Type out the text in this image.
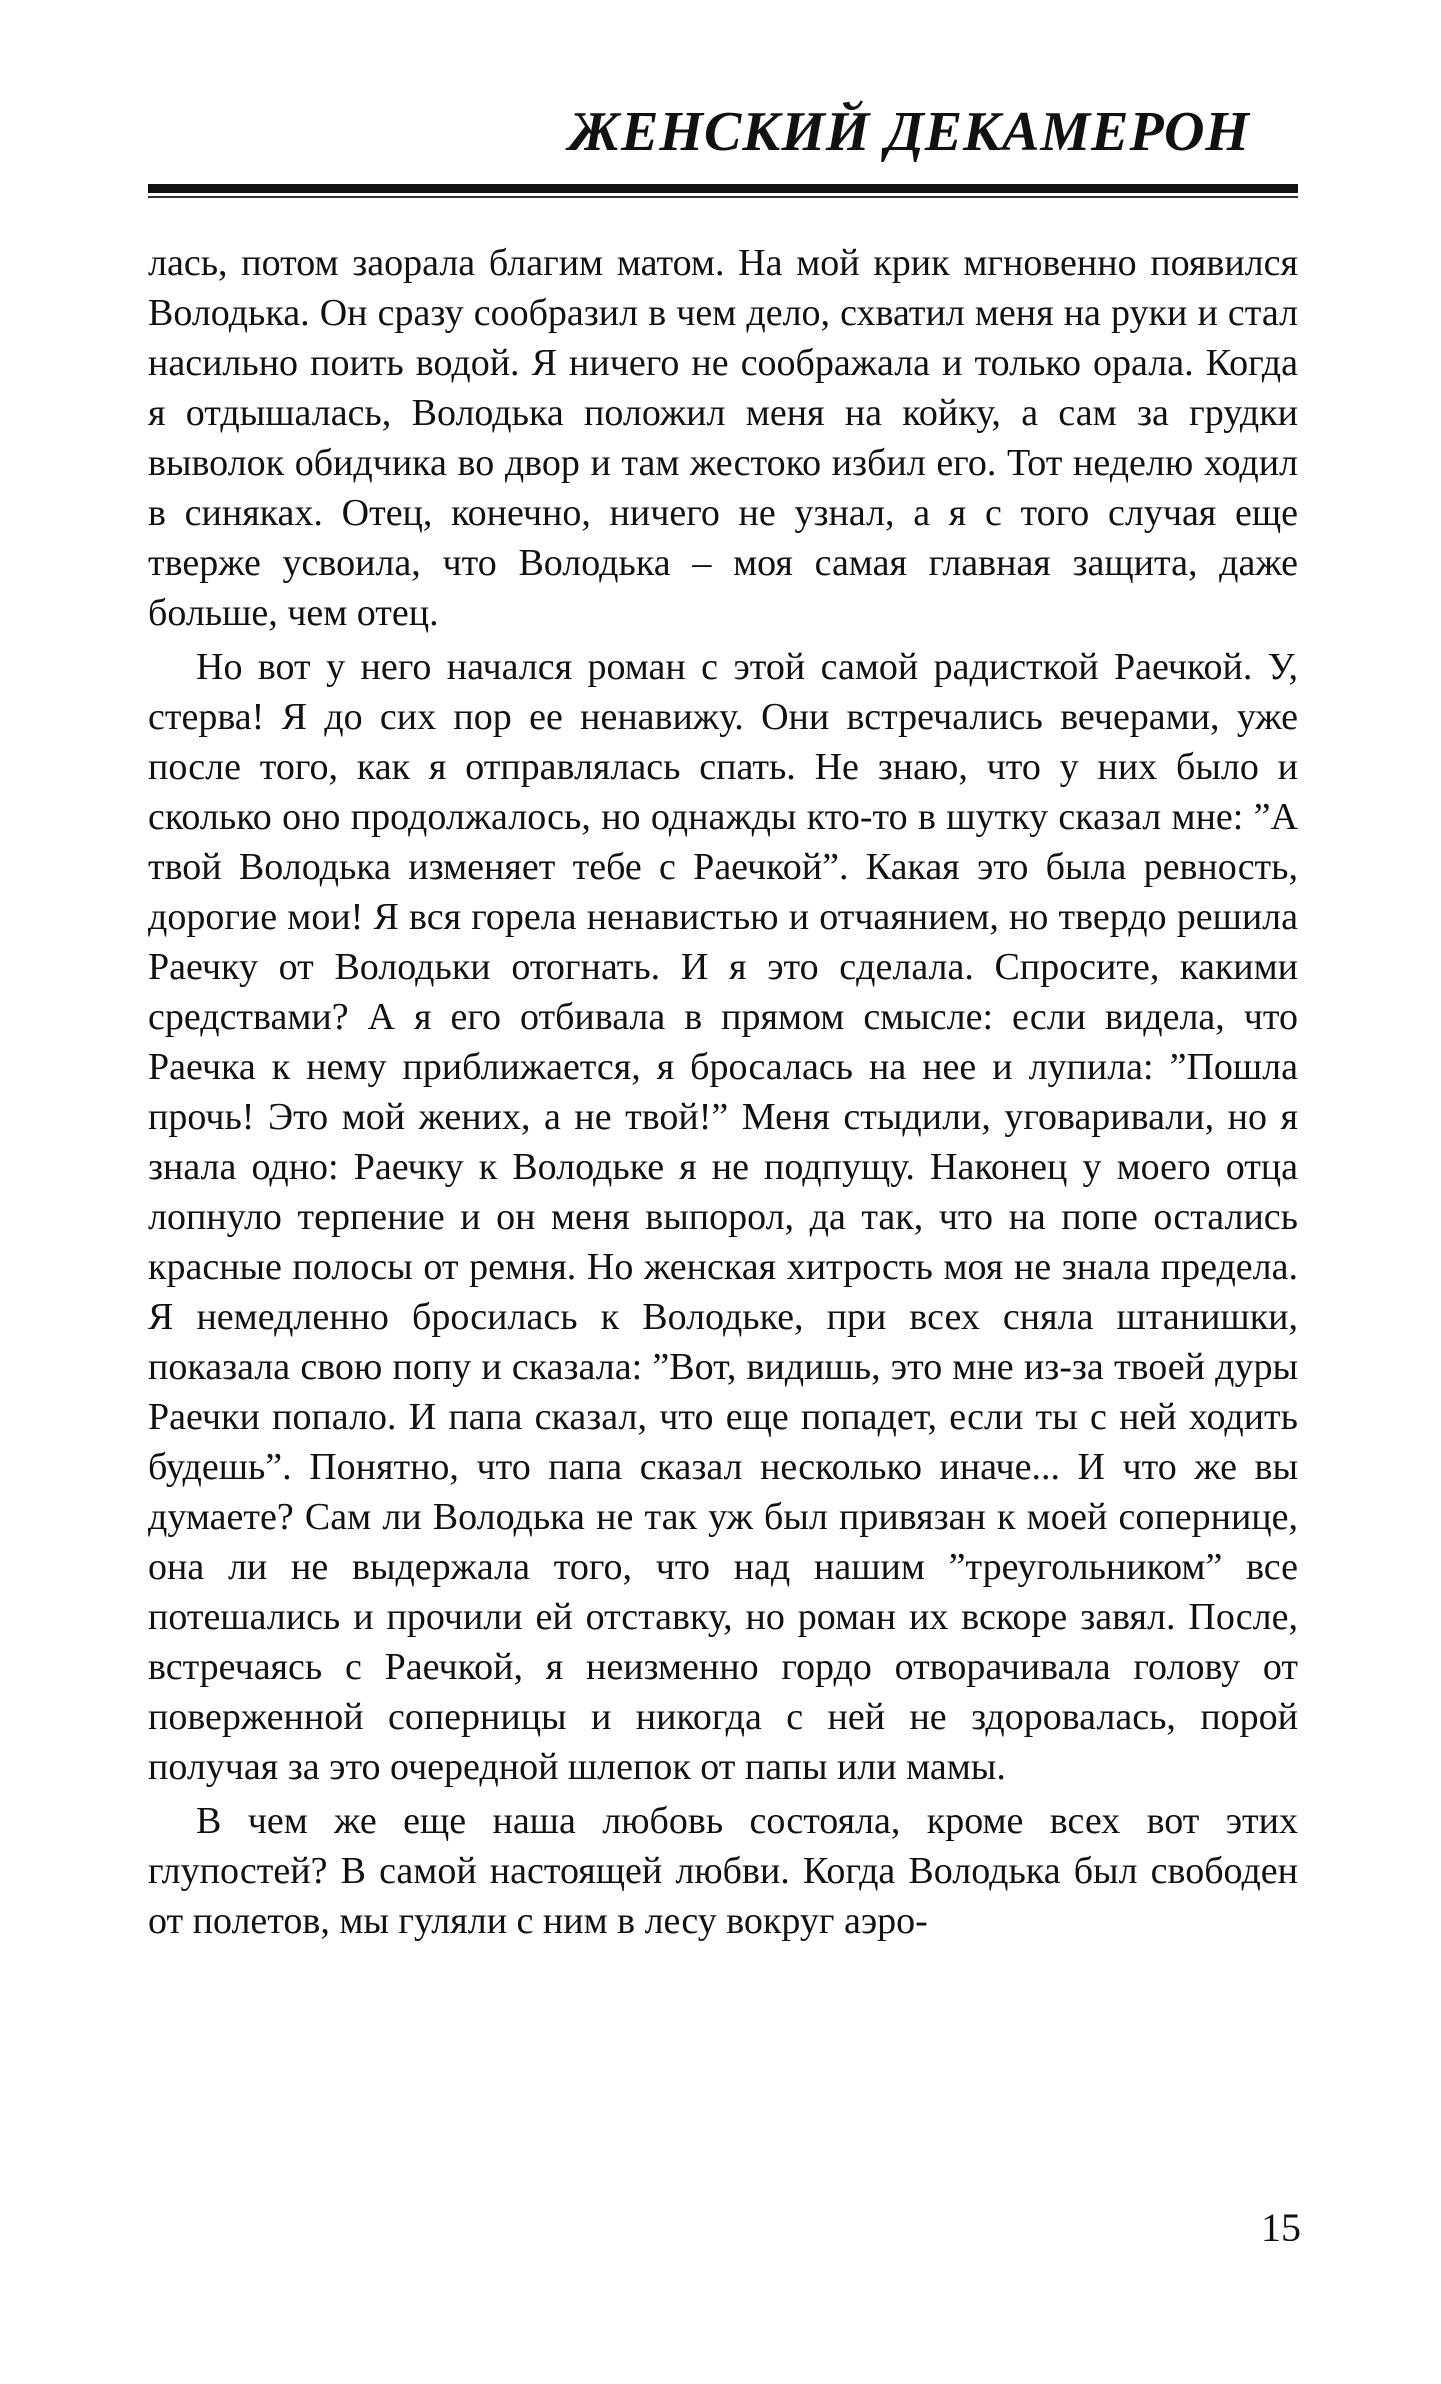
ЖЕНСКИЙ ДЕКАМЕРОН

лась, потом заорала благим матом. На мой крик мгновенно появился Володька. Он сразу сообразил в чем дело, схватил меня на руки и стал насильно поить водой. Я ничего не соображала и только орала. Когда я отдышалась, Володька положил меня на койку, а сам за грудки выволок обидчика во двор и там жестоко избил его. Тот неделю ходил в синяках. Отец, конечно, ничего не узнал, а я с того случая еще тверже усвоила, что Володька – моя самая главная защита, даже больше, чем отец.

Но вот у него начался роман с этой самой радисткой Раечкой. У, стерва! Я до сих пор ее ненавижу. Они встречались вечерами, уже после того, как я отправлялась спать. Не знаю, что у них было и сколько оно продолжалось, но однажды кто-то в шутку сказал мне: ”А твой Володька изменяет тебе с Раечкой”. Какая это была ревность, дорогие мои! Я вся горела ненавистью и отчаянием, но твердо решила Раечку от Володьки отогнать. И я это сделала. Спросите, какими средствами? А я его отбивала в прямом смысле: если видела, что Раечка к нему приближается, я бросалась на нее и лупила: ”Пошла прочь! Это мой жених, а не твой!” Меня стыдили, уговаривали, но я знала одно: Раечку к Володьке я не подпущу. Наконец у моего отца лопнуло терпение и он меня выпорол, да так, что на попе остались красные полосы от ремня. Но женская хитрость моя не знала предела. Я немедленно бросилась к Володьке, при всех сняла штанишки, показала свою попу и сказала: ”Вот, видишь, это мне из-за твоей дуры Раечки попало. И папа сказал, что еще попадет, если ты с ней ходить будешь”. Понятно, что папа сказал несколько иначе... И что же вы думаете? Сам ли Володька не так уж был привязан к моей сопернице, она ли не выдержала того, что над нашим ”треугольником” все потешались и прочили ей отставку, но роман их вскоре завял. После, встречаясь с Раечкой, я неизменно гордо отворачивала голову от поверженной соперницы и никогда с ней не здоровалась, порой получая за это очередной шлепок от папы или мамы.

В чем же еще наша любовь состояла, кроме всех вот этих глупостей? В самой настоящей любви. Когда Володька был свободен от полетов, мы гуляли с ним в лесу вокруг аэро-

15
